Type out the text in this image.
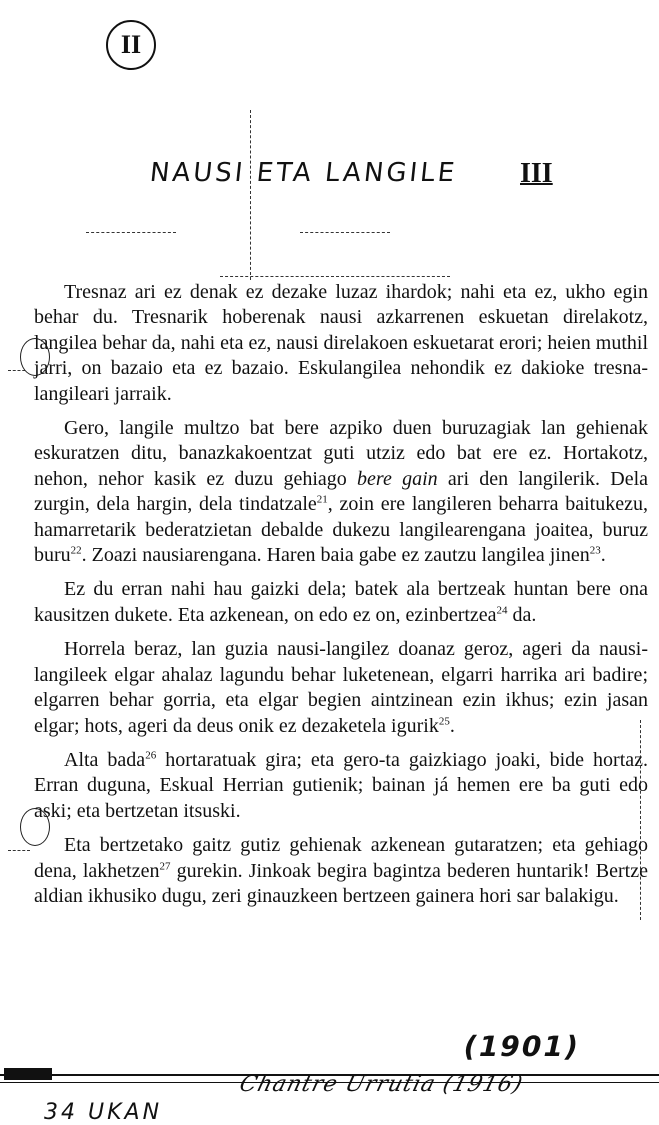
II
NAUSI ETA LANGILE III

Tresnaz ari ez denak ez dezake luzaz ihardok; nahi eta ez, ukho egin behar du. Tresnarik hoberenak nausi azkarrenen eskuetan direlakotz, langilea behar da, nahi eta ez, nausi direlakoen eskuetarat erori; heien muthil jarri, on bazaio eta ez bazaio. Eskulangilea nehondik ez dakioke tresna-langileari jarraik.

Gero, langile multzo bat bere azpiko duen buruzagiak lan gehienak eskuratzen ditu, banazkakoentzat guti utziz edo bat ere ez. Hortakotz, nehon, nehor kasik ez duzu gehiago bere gain ari den langilerik. Dela zurgin, dela hargin, dela tindatzale$^{21}$, zoin ere langileren beharra baitukezu, hamarretarik bederatzietan debalde dukezu langilearengana joaitea, buruz buru$^{22}$. Zoazi nausiarengana. Haren baia gabe ez zautzu langilea jinen$^{23}$.

Ez du erran nahi hau gaizki dela; batek ala bertzeak huntan bere ona kausitzen dukete. Eta azkenean, on edo ez on, ezinbertzea$^{24}$ da.

Horrela beraz, lan guzia nausi-langilez doanaz geroz, ageri da nausi-langileek elgar ahalaz lagundu behar luketenean, elgarri harrika ari badire; elgarren behar gorria, eta elgar begien aintzinean ezin ikhus; ezin jasan elgar; hots, ageri da deus onik ez dezaketela igurik$^{25}$.

Alta bada$^{26}$ hortaratuak gira; eta gero-ta gaizkiago joaki, bide hortaz. Erran duguna, Eskual Herrian gutienik; bainan já hemen ere ba guti edo aski; eta bertzetan itsuski.

Eta bertzetako gaitz gutiz gehienak azkenean gutaratzen; eta gehiago dena, lakhetzen$^{27}$ gurekin. Jinkoak begira bagintza bederen huntarik! Bertze aldian ikhusiko dugu, zeri ginauzkeen bertzeen gainera hori sar balakigu.

(1901)
Chantre Urrutia (1916)
34 UKAN
